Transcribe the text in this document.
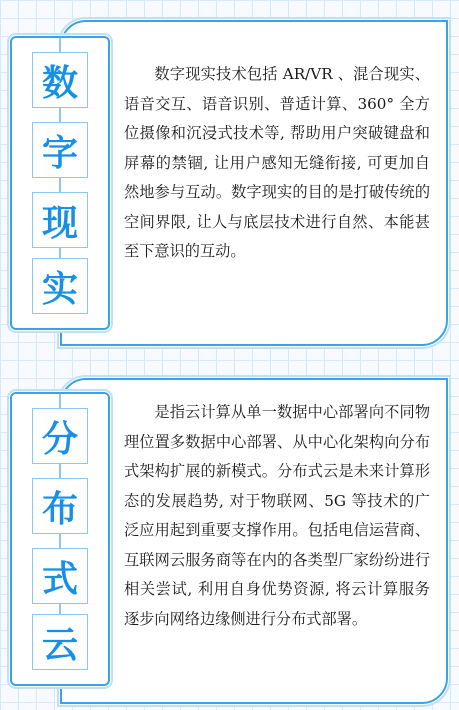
数字现实技术包括 AR/VR 、混合现实、语音交互、语音识别、普适计算、360° 全方位摄像和沉浸式技术等, 帮助用户突破键盘和屏幕的禁锢, 让用户感知无缝衔接, 可更加自然地参与互动。数字现实的目的是打破传统的空间界限, 让人与底层技术进行自然、本能甚至下意识的互动。

数
字
现
实

是指云计算从单一数据中心部署向不同物理位置多数据中心部署、从中心化架构向分布式架构扩展的新模式。分布式云是未来计算形态的发展趋势, 对于物联网、5G 等技术的广泛应用起到重要支撑作用。包括电信运营商、互联网云服务商等在内的各类型厂家纷纷进行相关尝试, 利用自身优势资源, 将云计算服务逐步向网络边缘侧进行分布式部署。

分
布
式
云
